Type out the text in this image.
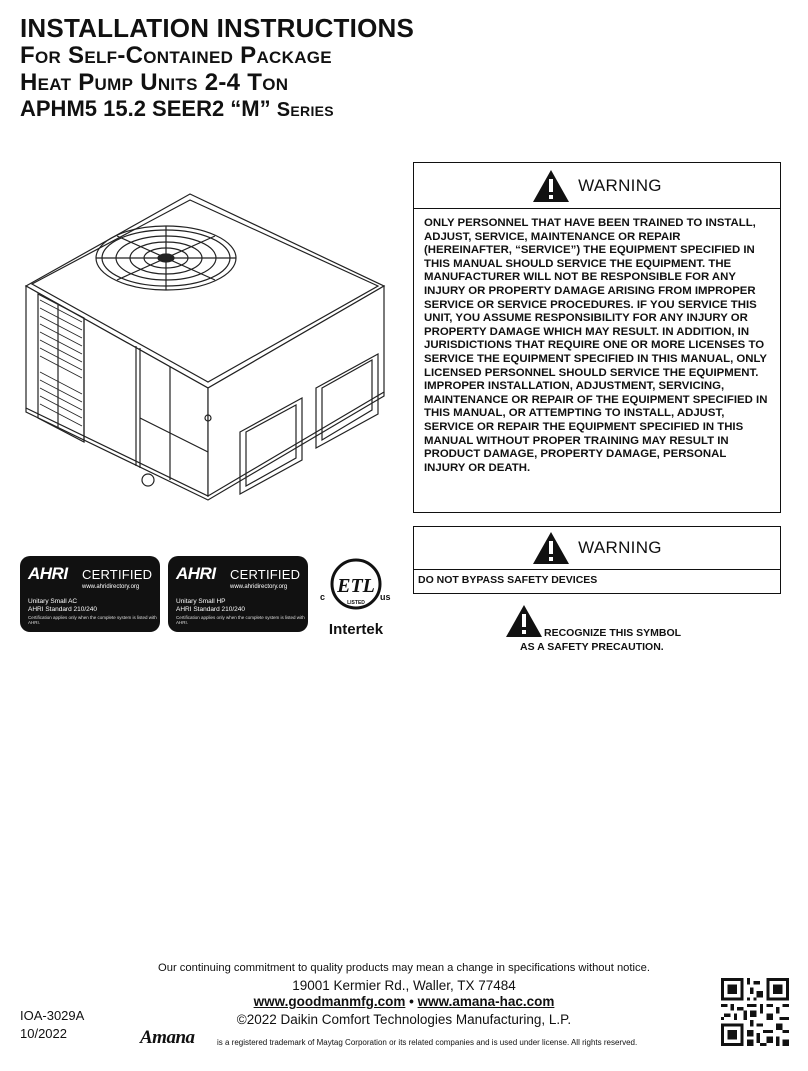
INSTALLATION INSTRUCTIONS
For Self-Contained Package
Heat Pump Units 2-4 Ton
APHM5 15.2 SEER2 “M” Series
WARNING
ONLY PERSONNEL THAT HAVE BEEN TRAINED TO INSTALL, ADJUST, SERVICE, MAINTENANCE OR REPAIR (HEREINAFTER, “SERVICE”) THE EQUIPMENT SPECIFIED IN THIS MANUAL SHOULD SERVICE THE EQUIPMENT. THE MANUFACTURER WILL NOT BE RESPONSIBLE FOR ANY INJURY OR PROPERTY DAMAGE ARISING FROM IMPROPER SERVICE OR SERVICE PROCEDURES. IF YOU SERVICE THIS UNIT, YOU ASSUME RESPONSIBILITY FOR ANY INJURY OR PROPERTY DAMAGE WHICH MAY RESULT. IN ADDITION, IN JURISDICTIONS THAT REQUIRE ONE OR MORE LICENSES TO SERVICE THE EQUIPMENT SPECIFIED IN THIS MANUAL, ONLY LICENSED PERSONNEL SHOULD SERVICE THE EQUIPMENT. IMPROPER INSTALLATION, ADJUSTMENT, SERVICING, MAINTENANCE OR REPAIR OF THE EQUIPMENT SPECIFIED IN THIS MANUAL, OR ATTEMPTING TO INSTALL, ADJUST, SERVICE OR REPAIR THE EQUIPMENT SPECIFIED IN THIS MANUAL WITHOUT PROPER TRAINING MAY RESULT IN PRODUCT DAMAGE, PROPERTY DAMAGE, PERSONAL INJURY OR DEATH.
WARNING
DO NOT BYPASS SAFETY DEVICES
RECOGNIZE THIS SYMBOL
AS A SAFETY PRECAUTION.
AHRI CERTIFIED
www.ahridirectory.org
Unitary Small AC
AHRI Standard 210/240
Certification applies only when the complete system is listed with AHRI.
AHRI CERTIFIED
www.ahridirectory.org
Unitary Small HP
AHRI Standard 210/240
Certification applies only when the complete system is listed with AHRI.
ETL
LISTED
c	us
Intertek
Our continuing commitment to quality products may mean a change in specifications without notice.
19001 Kermier Rd., Waller, TX 77484
www.goodmanmfg.com • www.amana-hac.com
©2022 Daikin Comfort Technologies Manufacturing, L.P.
IOA-3029A
10/2022	Amana	is a registered trademark of Maytag Corporation or its related companies and is used under license. All rights reserved.
